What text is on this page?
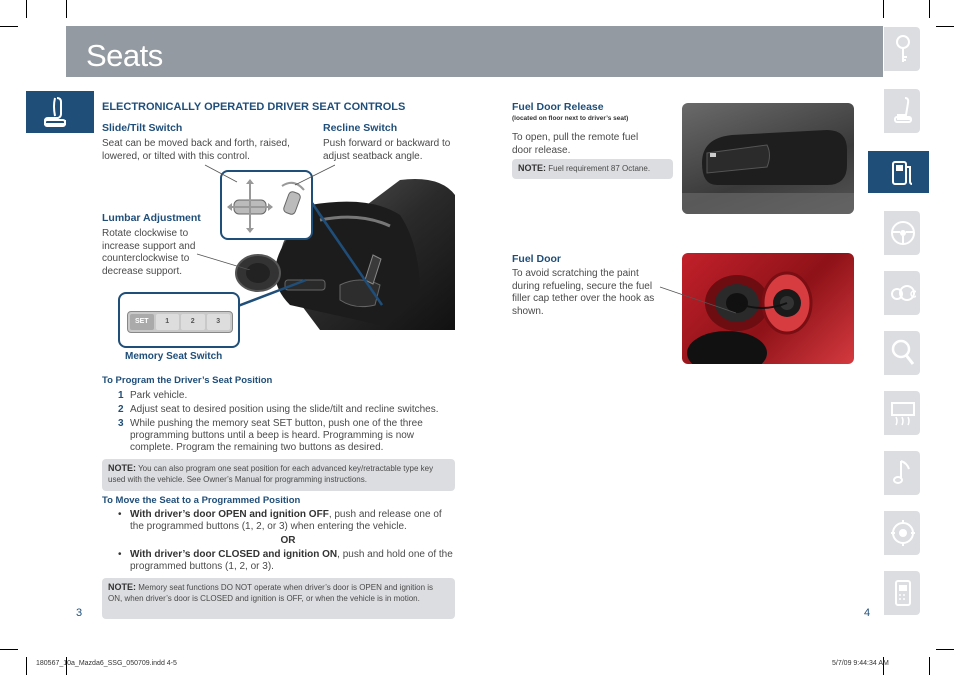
Seats
ELECTRONICALLY OPERATED DRIVER SEAT CONTROLS
Slide/Tilt Switch
Seat can be moved back and forth, raised, lowered, or tilted with this control.
Recline Switch
Push forward or backward to adjust seatback angle.
Lumbar Adjustment
Rotate clockwise to increase support and counterclockwise to decrease support.
SET	1	2	3
Memory Seat Switch
To Program the Driver’s Seat Position
1 Park vehicle.
2 Adjust seat to desired position using the slide/tilt and recline switches.
3 While pushing the memory seat SET button, push one of the three programming buttons until a beep is heard. Programming is now complete. Program the remaining two buttons as desired.
NOTE: You can also program one seat position for each advanced key/retractable type key used with the vehicle. See Owner’s Manual for programming instructions.
To Move the Seat to a Programmed Position
• With driver’s door OPEN and ignition OFF, push and release one of the programmed buttons (1, 2, or 3) when entering the vehicle.
OR
• With driver’s door CLOSED and ignition ON, push and hold one of the programmed buttons (1, 2, or 3).
NOTE: Memory seat functions DO NOT operate when driver’s door is OPEN and ignition is ON, when driver’s door is CLOSED and ignition is OFF, or when the vehicle is in motion.
3
Fuel Door Release
(located on floor next to driver’s seat)
To open, pull the remote fuel door release.
NOTE: Fuel requirement 87 Octane.
Fuel Door
To avoid scratching the paint during refueling, secure the fuel filler cap tether over the hook as shown.
4
180567_10a_Mazda6_SSG_050709.indd 4-5	5/7/09 9:44:34 AM
